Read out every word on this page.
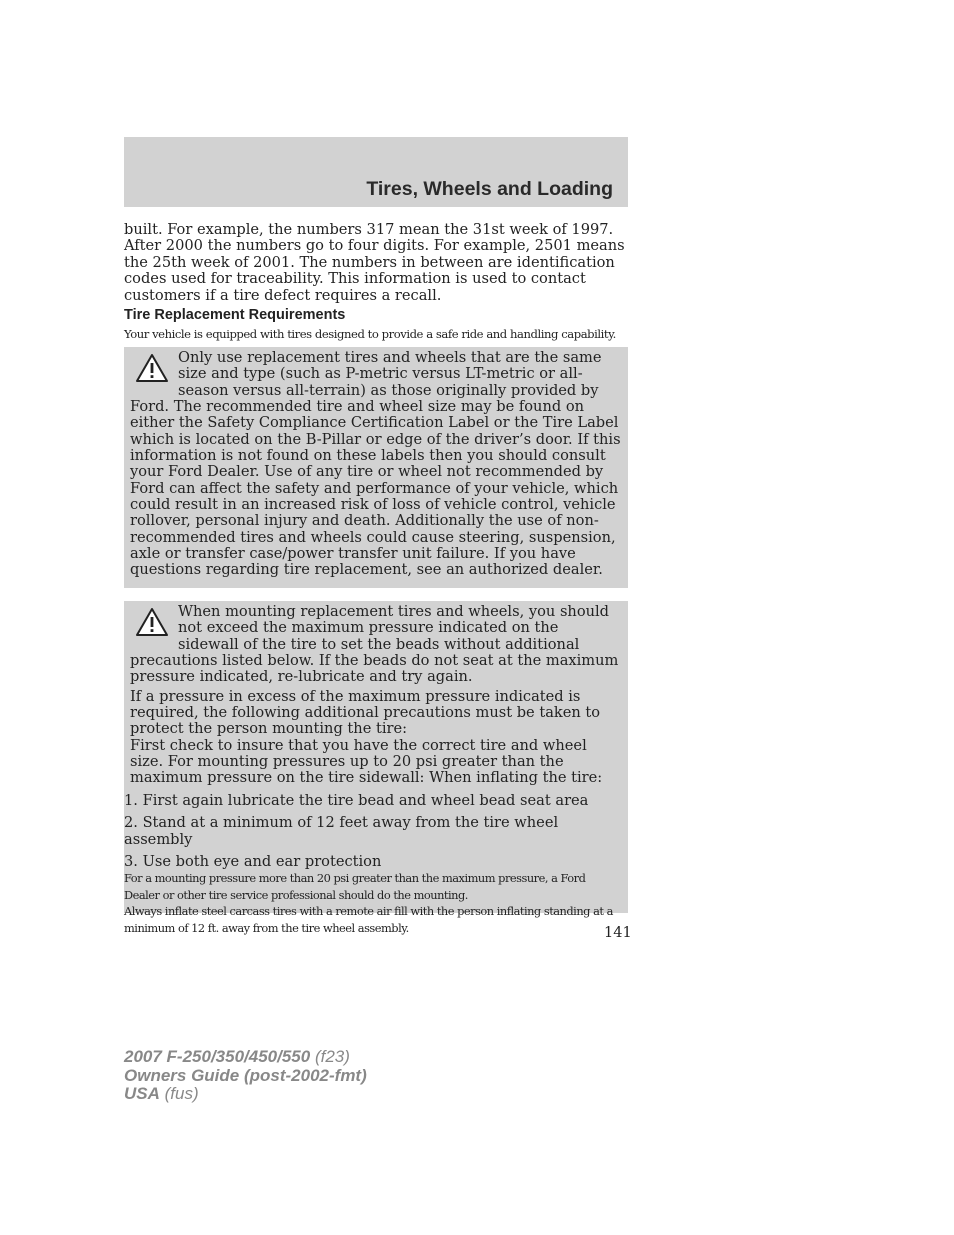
Tires, Wheels and Loading
built. For example, the numbers 317 mean the 31st week of 1997. After 2000 the numbers go to four digits. For example, 2501 means the 25th week of 2001. The numbers in between are identification codes used for traceability. This information is used to contact customers if a tire defect requires a recall.
Tire Replacement Requirements
Your vehicle is equipped with tires designed to provide a safe ride and handling capability.
Only use replacement tires and wheels that are the same size and type (such as P-metric versus LT-metric or all-season versus all-terrain) as those originally provided by Ford. The recommended tire and wheel size may be found on either the Safety Compliance Certification Label or the Tire Label which is located on the B-Pillar or edge of the driver’s door. If this information is not found on these labels then you should consult your Ford Dealer. Use of any tire or wheel not recommended by Ford can affect the safety and performance of your vehicle, which could result in an increased risk of loss of vehicle control, vehicle rollover, personal injury and death. Additionally the use of non-recommended tires and wheels could cause steering, suspension, axle or transfer case/power transfer unit failure. If you have questions regarding tire replacement, see an authorized dealer.
When mounting replacement tires and wheels, you should not exceed the maximum pressure indicated on the sidewall of the tire to set the beads without additional precautions listed below. If the beads do not seat at the maximum pressure indicated, re-lubricate and try again.
If a pressure in excess of the maximum pressure indicated is required, the following additional precautions must be taken to protect the person mounting the tire:
First check to insure that you have the correct tire and wheel size. For mounting pressures up to 20 psi greater than the maximum pressure on the tire sidewall: When inflating the tire:
1. First again lubricate the tire bead and wheel bead seat area
2. Stand at a minimum of 12 feet away from the tire wheel assembly
3. Use both eye and ear protection
For a mounting pressure more than 20 psi greater than the maximum pressure, a Ford Dealer or other tire service professional should do the mounting.
Always inflate steel carcass tires with a remote air fill with the person inflating standing at a minimum of 12 ft. away from the tire wheel assembly.	141
2007 F-250/350/450/550 (f23)
Owners Guide (post-2002-fmt)
USA (fus)
